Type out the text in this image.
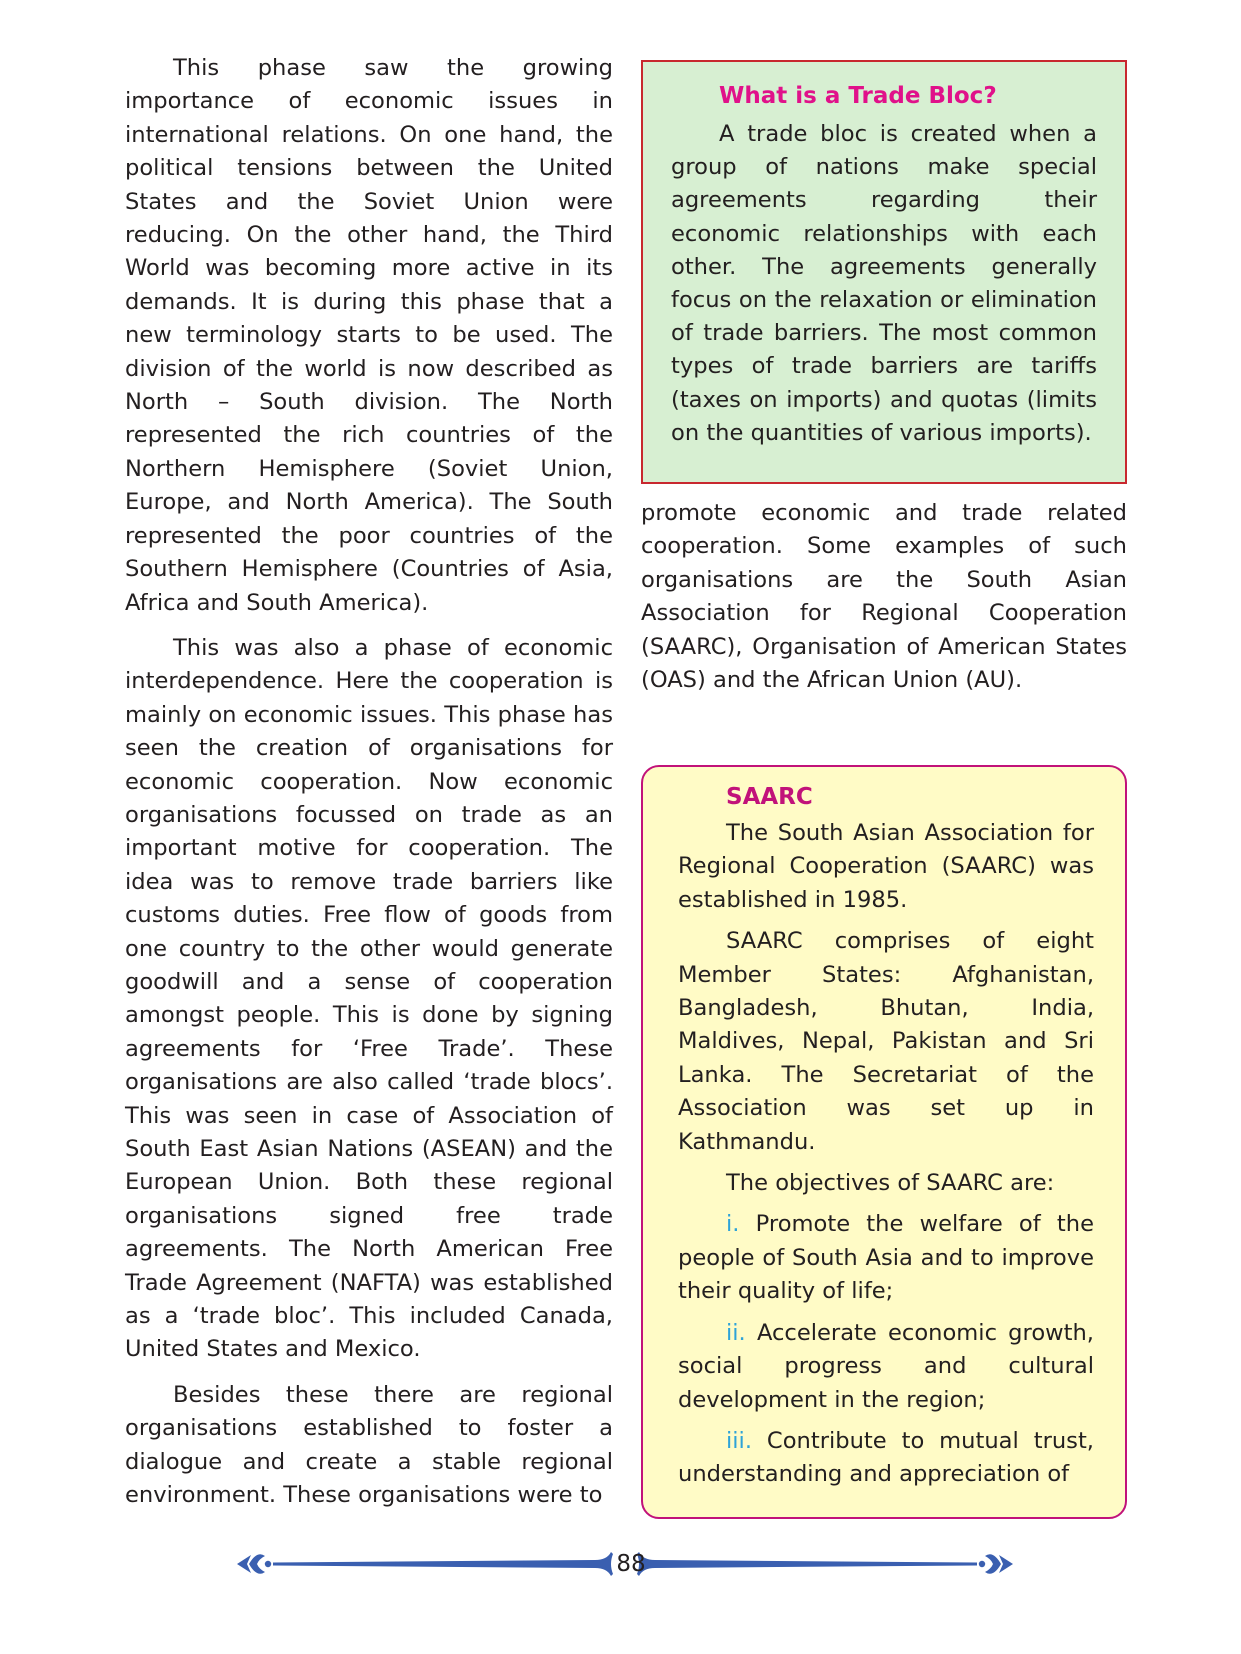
This phase saw the growing importance of economic issues in international relations. On one hand, the political tensions between the United States and the Soviet Union were reducing. On the other hand, the Third World was becoming more active in its demands. It is during this phase that a new terminology starts to be used. The division of the world is now described as North – South division. The North represented the rich countries of the Northern Hemisphere (Soviet Union, Europe, and North America). The South represented the poor countries of the Southern Hemisphere (Countries of Asia, Africa and South America).

This was also a phase of economic interdependence. Here the cooperation is mainly on economic issues. This phase has seen the creation of organisations for economic cooperation. Now economic organisations focussed on trade as an important motive for cooperation. The idea was to remove trade barriers like customs duties. Free flow of goods from one country to the other would generate goodwill and a sense of cooperation amongst people. This is done by signing agreements for ‘Free Trade’. These organisations are also called ‘trade blocs’. This was seen in case of Association of South East Asian Nations (ASEAN) and the European Union. Both these regional organisations signed free trade agreements. The North American Free Trade Agreement (NAFTA) was established as a ‘trade bloc’. This included Canada, United States and Mexico.

Besides these there are regional organisations established to foster a dialogue and create a stable regional environment. These organisations were to

What is a Trade Bloc?

A trade bloc is created when a group of nations make special agreements regarding their economic relationships with each other. The agreements generally focus on the relaxation or elimination of trade barriers. The most common types of trade barriers are tariffs (taxes on imports) and quotas (limits on the quantities of various imports).

promote economic and trade related cooperation. Some examples of such organisations are the South Asian Association for Regional Cooperation (SAARC), Organisation of American States (OAS) and the African Union (AU).

SAARC

The South Asian Association for Regional Cooperation (SAARC) was established in 1985.

SAARC comprises of eight Member States: Afghanistan, Bangladesh, Bhutan, India, Maldives, Nepal, Pakistan and Sri Lanka. The Secretariat of the Association was set up in Kathmandu.

The objectives of SAARC are:

i. Promote the welfare of the people of South Asia and to improve their quality of life;

ii. Accelerate economic growth, social progress and cultural development in the region;

iii. Contribute to mutual trust, understanding and appreciation of

88
